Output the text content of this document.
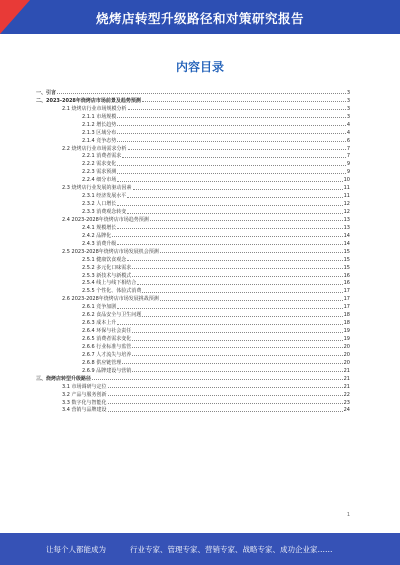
烧烤店转型升级路径和对策研究报告
内容目录
一、引言	3
二、2023-2028年烧烤店市场前景及趋势预测	3
2.1 烧烤店行业市场规模分析	3
2.1.1 市场规模	3
2.1.2 增长趋势	4
2.1.3 区域分布	4
2.1.4 竞争态势	6
2.2 烧烤店行业市场需求分析	7
2.2.1 消费者需求	7
2.2.2 需求变化	9
2.2.3 需求预测	9
2.2.4 细分市场	10
2.3 烧烤店行业发展的驱动因素	11
2.3.1 经济发展水平	11
2.3.2 人口增长	12
2.3.3 消费观念转变	12
2.4 2023-2028年烧烤店市场趋势预测	13
2.4.1 规模增长	13
2.4.2 品牌化	14
2.4.3 消费升级	14
2.5 2023-2028年烧烤店市场发展机会预测	15
2.5.1 健康饮食观念	15
2.5.2 多元化口味需求	15
2.5.3 新技术与新模式	16
2.5.4 线上与线下相结合	16
2.5.5 个性化、体验式消费	17
2.6 2023-2028年烧烤店市场发展挑战预测	17
2.6.1 竞争加剧	17
2.6.2 食品安全与卫生问题	18
2.6.3 成本上升	18
2.6.4 环保与社会责任	19
2.6.5 消费者需求变化	19
2.6.6 行业标准与监管	20
2.6.7 人才流失与培养	20
2.6.8 供应链管理	20
2.6.9 品牌建设与营销	21
三、烧烤店转型升级路径	21
3.1 市场调研与定位	21
3.2 产品与服务创新	22
3.3 数字化与智能化	23
3.4 营销与品牌建设	24
1
让每个人都能成为	行业专家、管理专家、营销专家、战略专家、成功企业家……
